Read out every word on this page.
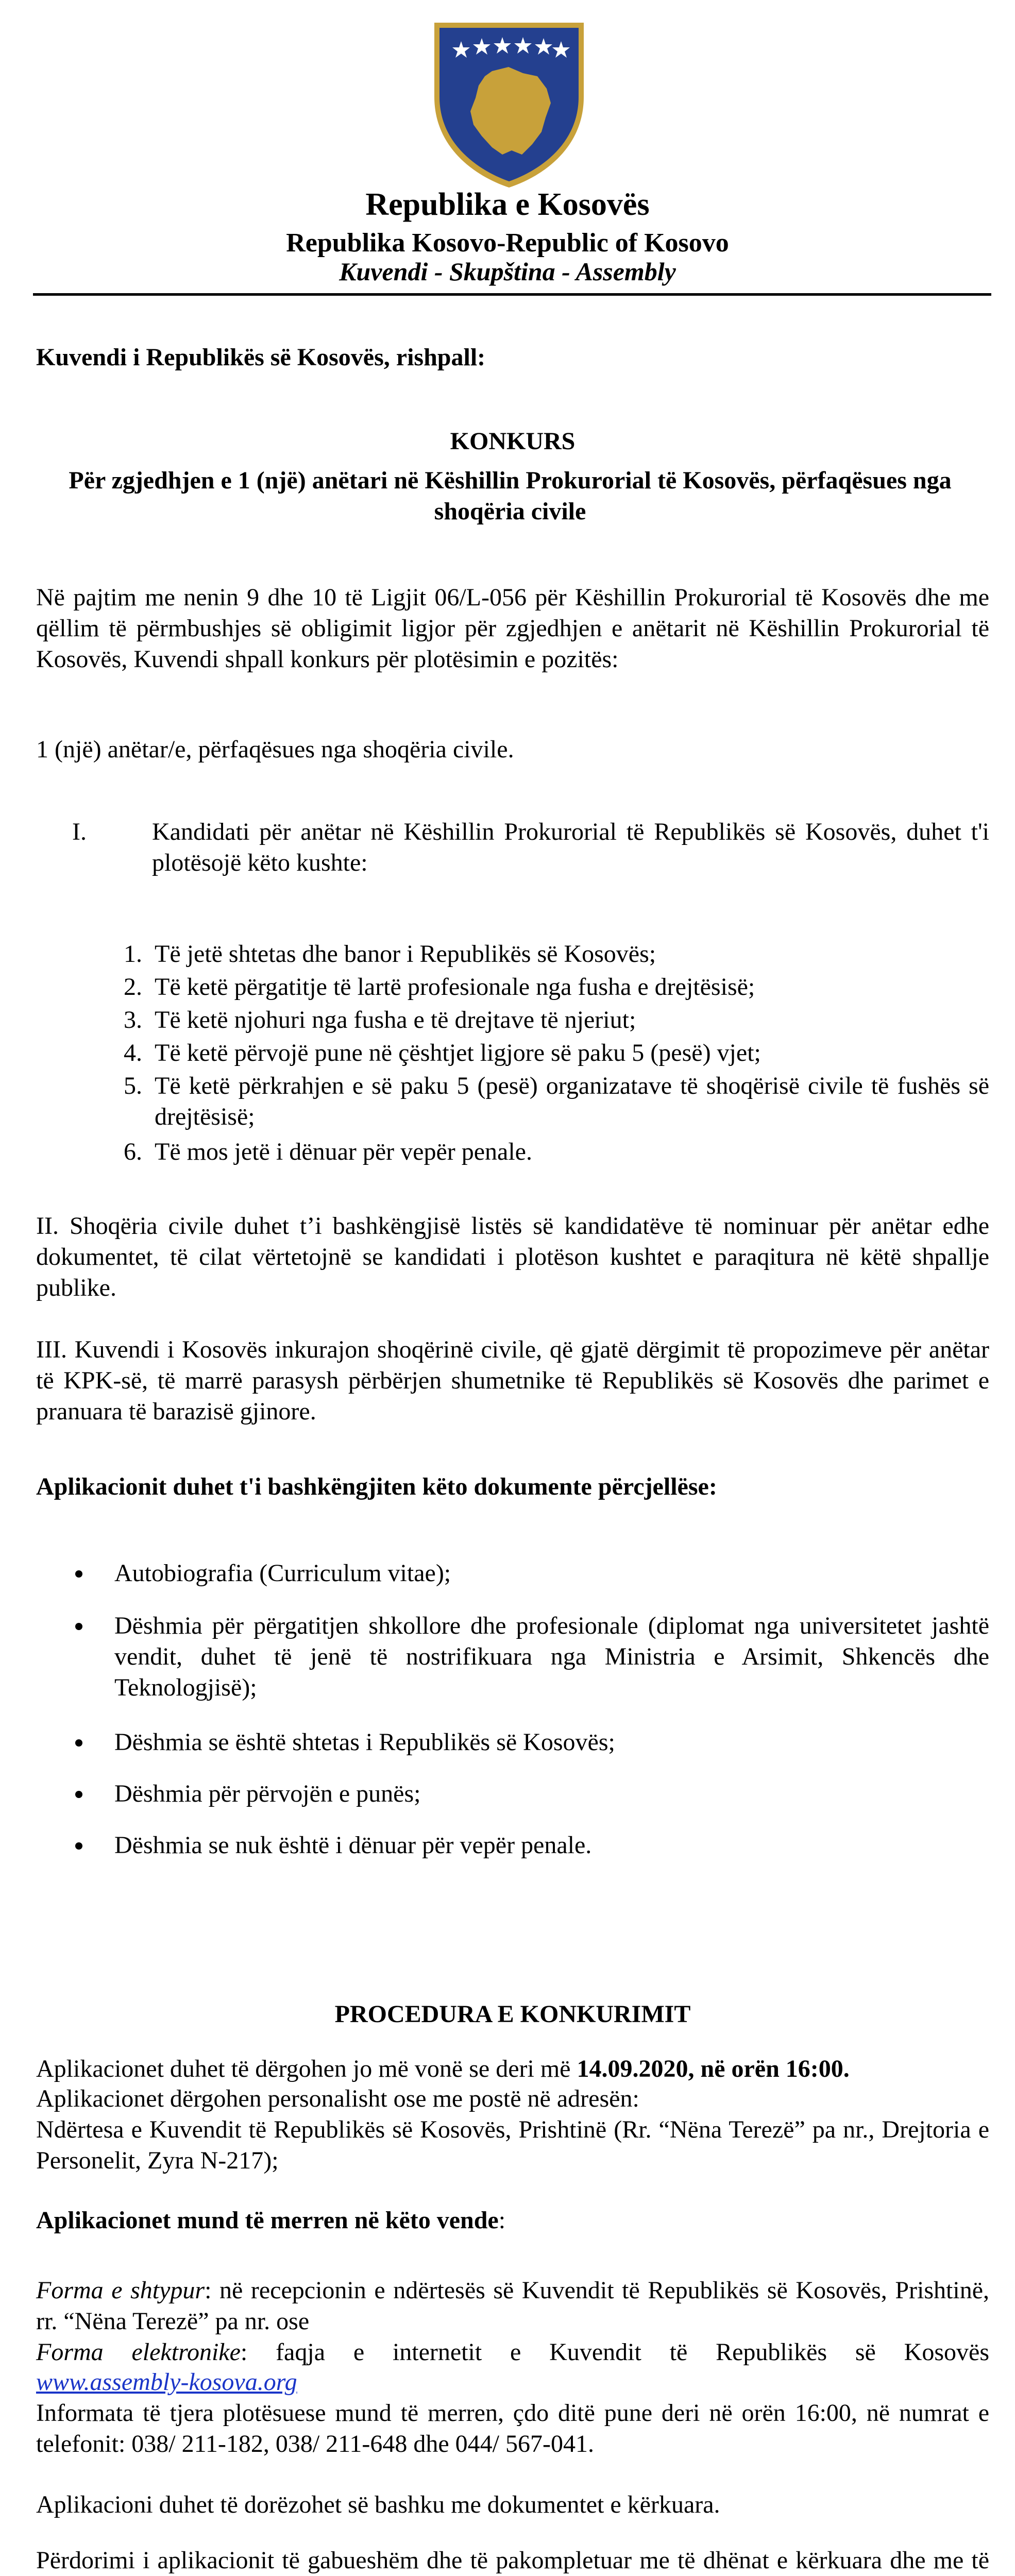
Republika e Kosovës
Republika Kosovo-Republic of Kosovo
Kuvendi - Skupština - Assembly
Kuvendi i Republikës së Kosovës, rishpall:
KONKURS
Për zgjedhjen e 1 (një) anëtari në Këshillin Prokurorial të Kosovës, përfaqësues nga shoqëria civile
Në pajtim me nenin 9 dhe 10 të Ligjit 06/L-056 për Këshillin Prokurorial të Kosovës dhe me qëllim të përmbushjes së obligimit ligjor për zgjedhjen e anëtarit në Këshillin Prokurorial të Kosovës, Kuvendi shpall konkurs për plotësimin e pozitës:
1 (një) anëtar/e, përfaqësues nga shoqëria civile.
I.	Kandidati për anëtar në Këshillin Prokurorial të Republikës së Kosovës, duhet t'i plotësojë këto kushte:
1. Të jetë shtetas dhe banor i Republikës së Kosovës;
2. Të ketë përgatitje të lartë profesionale nga fusha e drejtësisë;
3. Të ketë njohuri nga fusha e të drejtave të njeriut;
4. Të ketë përvojë pune në çështjet ligjore së paku 5 (pesë) vjet;
5. Të ketë përkrahjen e së paku 5 (pesë) organizatave të shoqërisë civile të fushës së drejtësisë;
6. Të mos jetë i dënuar për vepër penale.
II. Shoqëria civile duhet t’i bashkëngjisë listës së kandidatëve të nominuar për anëtar edhe dokumentet, të cilat vërtetojnë se kandidati i plotëson kushtet e paraqitura në këtë shpallje publike.
III. Kuvendi i Kosovës inkurajon shoqërinë civile, që gjatë dërgimit të propozimeve për anëtar të KPK-së, të marrë parasysh përbërjen shumetnike të Republikës së Kosovës dhe parimet e pranuara të barazisë gjinore.
Aplikacionit duhet t'i bashkëngjiten këto dokumente përcjellëse:
Autobiografia (Curriculum vitae);
Dëshmia për përgatitjen shkollore dhe profesionale (diplomat nga universitetet jashtë vendit, duhet të jenë të nostrifikuara nga Ministria e Arsimit, Shkencës dhe Teknologjisë);
Dëshmia se është shtetas i Republikës së Kosovës;
Dëshmia për përvojën e punës;
Dëshmia se nuk është i dënuar për vepër penale.
PROCEDURA E KONKURIMIT
Aplikacionet duhet të dërgohen jo më vonë se deri më 14.09.2020, në orën 16:00.
Aplikacionet dërgohen personalisht ose me postë në adresën:
Ndërtesa e Kuvendit të Republikës së Kosovës, Prishtinë (Rr. “Nëna Terezë” pa nr., Drejtoria e Personelit, Zyra N-217);
Aplikacionet mund të merren në këto vende:
Forma e shtypur: në recepcionin e ndërtesës së Kuvendit të Republikës së Kosovës, Prishtinë, rr. “Nëna Terezë” pa nr. ose
Forma elektronike: faqja e internetit e Kuvendit të Republikës së Kosovës
www.assembly-kosova.org
Informata të tjera plotësuese mund të merren, çdo ditë pune deri në orën 16:00, në numrat e telefonit: 038/ 211-182, 038/ 211-648 dhe 044/ 567-041.
Aplikacioni duhet të dorëzohet së bashku me dokumentet e kërkuara.
Përdorimi i aplikacionit të gabueshëm dhe të pakompletuar me të dhënat e kërkuara dhe me të
